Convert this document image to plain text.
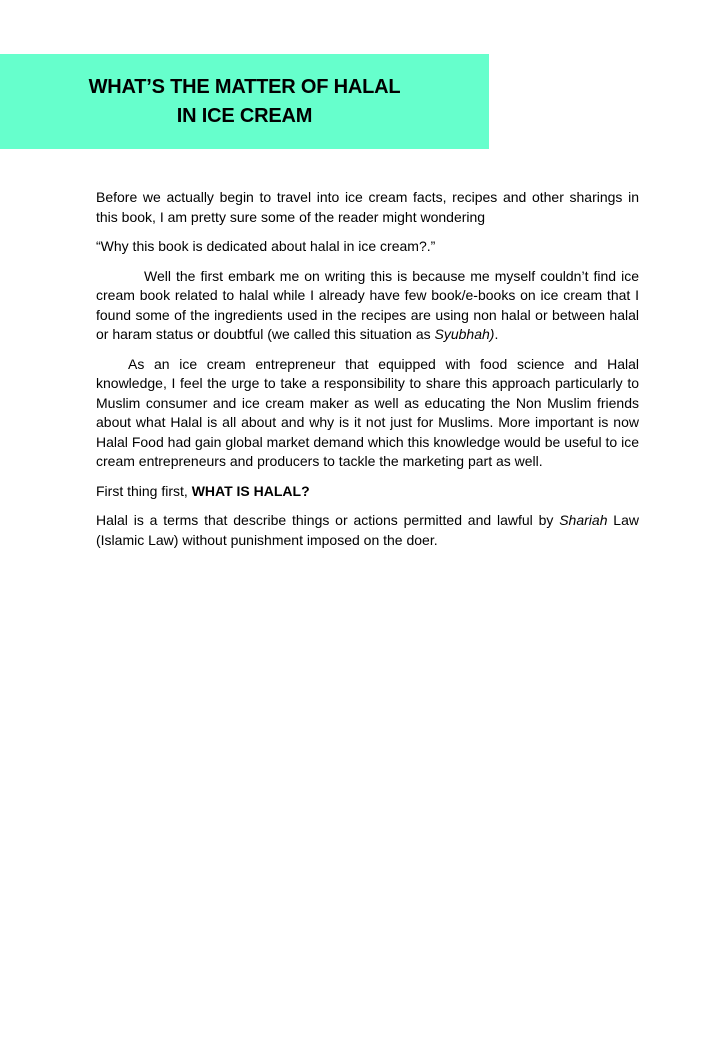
WHAT’S THE MATTER OF HALAL
IN ICE CREAM

Before we actually begin to travel into ice cream facts, recipes and other sharings in this book, I am pretty sure some of the reader might wondering

“Why this book is dedicated about halal in ice cream?.”

Well the first embark me on writing this is because me myself couldn’t find ice cream book related to halal while I already have few book/e-books on ice cream that I found some of the ingredients used in the recipes are using non halal or between halal or haram status or doubtful (we called this situation as Syubhah).

As an ice cream entrepreneur that equipped with food science and Halal knowledge, I feel the urge to take a responsibility to share this approach particularly to Muslim consumer and ice cream maker as well as educating the Non Muslim friends about what Halal is all about and why is it not just for Muslims. More important is now Halal Food had gain global market demand which this knowledge would be useful to ice cream entrepreneurs and producers to tackle the marketing part as well.

First thing first, WHAT IS HALAL?

Halal is a terms that describe things or actions permitted and lawful by Shariah Law (Islamic Law) without punishment imposed on the doer.
